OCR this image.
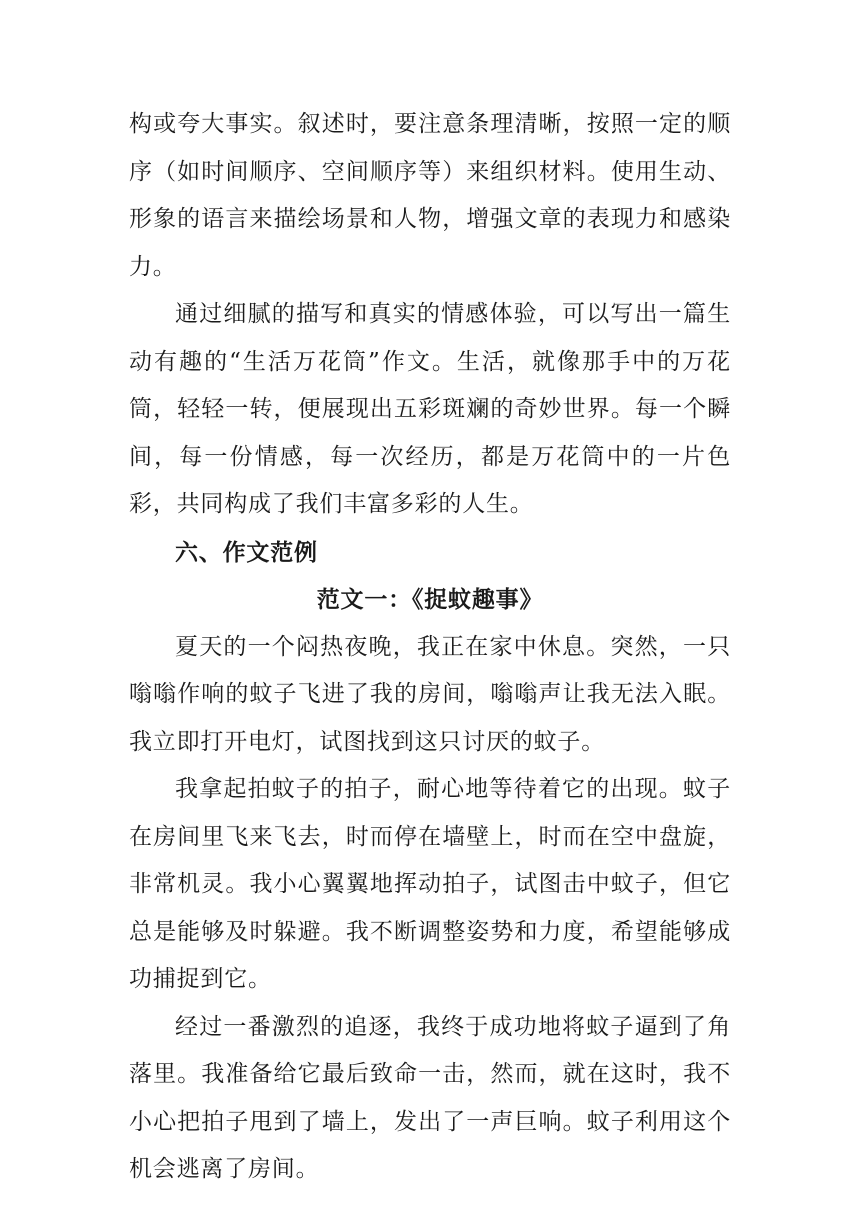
构或夸大事实。叙述时，要注意条理清晰，按照一定的顺序（如时间顺序、空间顺序等）来组织材料。使用生动、形象的语言来描绘场景和人物，增强文章的表现力和感染力。

通过细腻的描写和真实的情感体验，可以写出一篇生动有趣的“生活万花筒”作文。生活，就像那手中的万花筒，轻轻一转，便展现出五彩斑斓的奇妙世界。每一个瞬间，每一份情感，每一次经历，都是万花筒中的一片色彩，共同构成了我们丰富多彩的人生。

六、作文范例

范文一：《捉蚊趣事》

夏天的一个闷热夜晚，我正在家中休息。突然，一只嗡嗡作响的蚊子飞进了我的房间，嗡嗡声让我无法入眠。我立即打开电灯，试图找到这只讨厌的蚊子。

我拿起拍蚊子的拍子，耐心地等待着它的出现。蚊子在房间里飞来飞去，时而停在墙壁上，时而在空中盘旋，非常机灵。我小心翼翼地挥动拍子，试图击中蚊子，但它总是能够及时躲避。我不断调整姿势和力度，希望能够成功捕捉到它。

经过一番激烈的追逐，我终于成功地将蚊子逼到了角落里。我准备给它最后致命一击，然而，就在这时，我不小心把拍子甩到了墙上，发出了一声巨响。蚊子利用这个机会逃离了房间。
